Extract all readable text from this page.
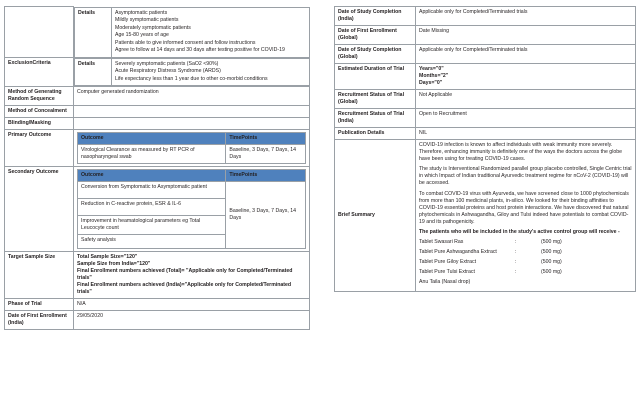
Details	Asymptomatic patients
Mildly symptomatic patients
Moderately symptomatic patients
Age 15-80 years of age
Patients able to give informed consent and follow instructions
Agree to follow at 14 days and 30 days after testing positive for COVID-19

ExclusionCriteria		Details	Severely symptomatic patients (SaO2 <90%)
Acute Respiratory Distress Syndrome (ARDS)
Life expectancy less than 1 year due to other co-morbid conditions

Method of Generating Random Sequence	Computer generated randomization
Method of Concealment	
Blinding/Masking	
Primary Outcome		Outcome	TimePoints
Virological Clearance as measured by RT PCR of nasopharyngeal swab	Baseline, 3 Days, 7 Days, 14 Days

Secondary Outcome		Outcome	TimePoints
Conversion from Symptomatic to Asymptomatic patient	Baseline, 3 Days, 7 Days, 14 Days
Reduction in C-reactive protein, ESR & IL-6
Improvement in heamatological parameters eg Total Leucocyte count
Safety analysis

Target Sample Size	Total Sample Size="120"
Sample Size from India="120"
Final Enrollment numbers achieved (Total)= "Applicable only for Completed/Terminated trials"
Final Enrollment numbers achieved (India)="Applicable only for Completed/Terminated trials"

Phase of Trial	N/A
Date of First Enrollment (India)	29/05/2020
Date of Study Completion (India)	Applicable only for Completed/Terminated trials
Date of First Enrollment (Global)	Date Missing
Date of Study Completion (Global)	Applicable only for Completed/Terminated trials
Estimated Duration of Trial	Years="0"
Months="2"
Days="0"

Recruitment Status of Trial (Global)	Not Applicable
Recruitment Status of Trial (India)	Open to Recruitment
Publication Details	NIL
Brief Summary	

COVID-19 infection is known to affect individuals with weak immunity more severely. Therefore, enhancing immunity is definitely one of the ways the doctors across the globe have been using for treating COVID-19 cases.

The study is Interventional Randomized parallel group placebo controlled, Single Centric trial in which Impact of Indian traditional Ayurvedic treatment regime for nCoV-2 (COVID-19) will be accessed.

To combat COVID-19 virus with Ayurveda, we have screened close to 1000 phytochemicals from more than 100 medicinal plants, in-silico. We looked for their binding affinities to COVID-19 essential proteins and host protein interactions. We have discovered that natural phytochemicals in Ashwagandha, Giloy and Tulsi indeed have potentials to combat COVID-19 and its pathogenicity.

The patients who will be included in the study's active control group will receive -

Tablet Swasari Ras	:	(500 mg)
Tablet Pure Ashwagandha Extract	:	(500 mg)
Tablet Pure Giloy Extract	:	(500 mg)
Tablet Pure Tulsi Extract	:	(500 mg)
Anu Taila (Nasal drop)
